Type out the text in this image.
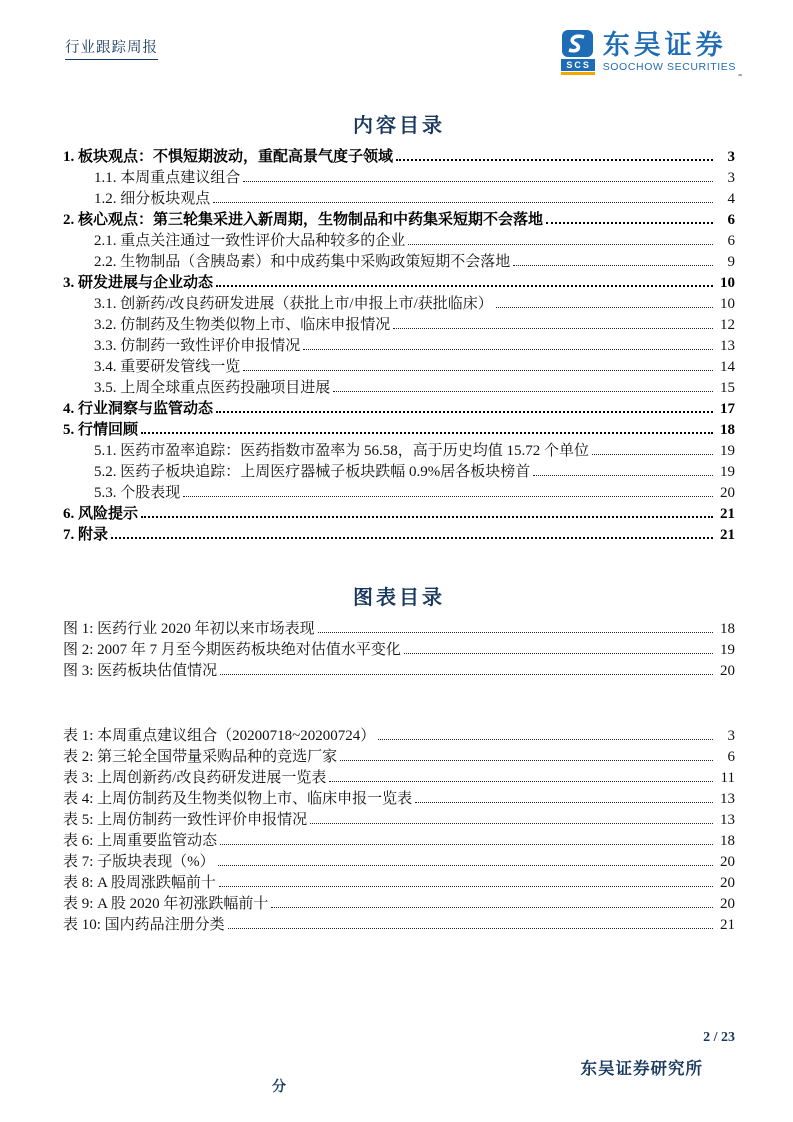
行业跟踪周报
SCS
东吴证券
SOOCHOW SECURITIES -
内容目录
1. 板块观点：不惧短期波动，重配高景气度子领域	3
1.1. 本周重点建议组合	3
1.2. 细分板块观点	4
2. 核心观点：第三轮集采进入新周期，生物制品和中药集采短期不会落地	6
2.1. 重点关注通过一致性评价大品种较多的企业	6
2.2. 生物制品（含胰岛素）和中成药集中采购政策短期不会落地	9
3. 研发进展与企业动态	10
3.1. 创新药/改良药研发进展（获批上市/申报上市/获批临床）	10
3.2. 仿制药及生物类似物上市、临床申报情况	12
3.3. 仿制药一致性评价申报情况	13
3.4. 重要研发管线一览	14
3.5. 上周全球重点医药投融项目进展	15
4. 行业洞察与监管动态	17
5. 行情回顾	18
5.1. 医药市盈率追踪：医药指数市盈率为 56.58，高于历史均值 15.72 个单位	19
5.2. 医药子板块追踪：上周医疗器械子板块跌幅 0.9%居各板块榜首	19
5.3. 个股表现	20
6. 风险提示	21
7. 附录	21
图表目录
图 1: 医药行业 2020 年初以来市场表现	18
图 2: 2007 年 7 月至今期医药板块绝对估值水平变化	19
图 3: 医药板块估值情况	20
表 1: 本周重点建议组合（20200718~20200724）	3
表 2: 第三轮全国带量采购品种的竞选厂家	6
表 3: 上周创新药/改良药研发进展一览表	11
表 4: 上周仿制药及生物类似物上市、临床申报一览表	13
表 5: 上周仿制药一致性评价申报情况	13
表 6: 上周重要监管动态	18
表 7: 子版块表现（%）	20
表 8: A 股周涨跌幅前十	20
表 9: A 股 2020 年初涨跌幅前十	20
表 10: 国内药品注册分类	21
2 / 23
东吴证券研究所
分
